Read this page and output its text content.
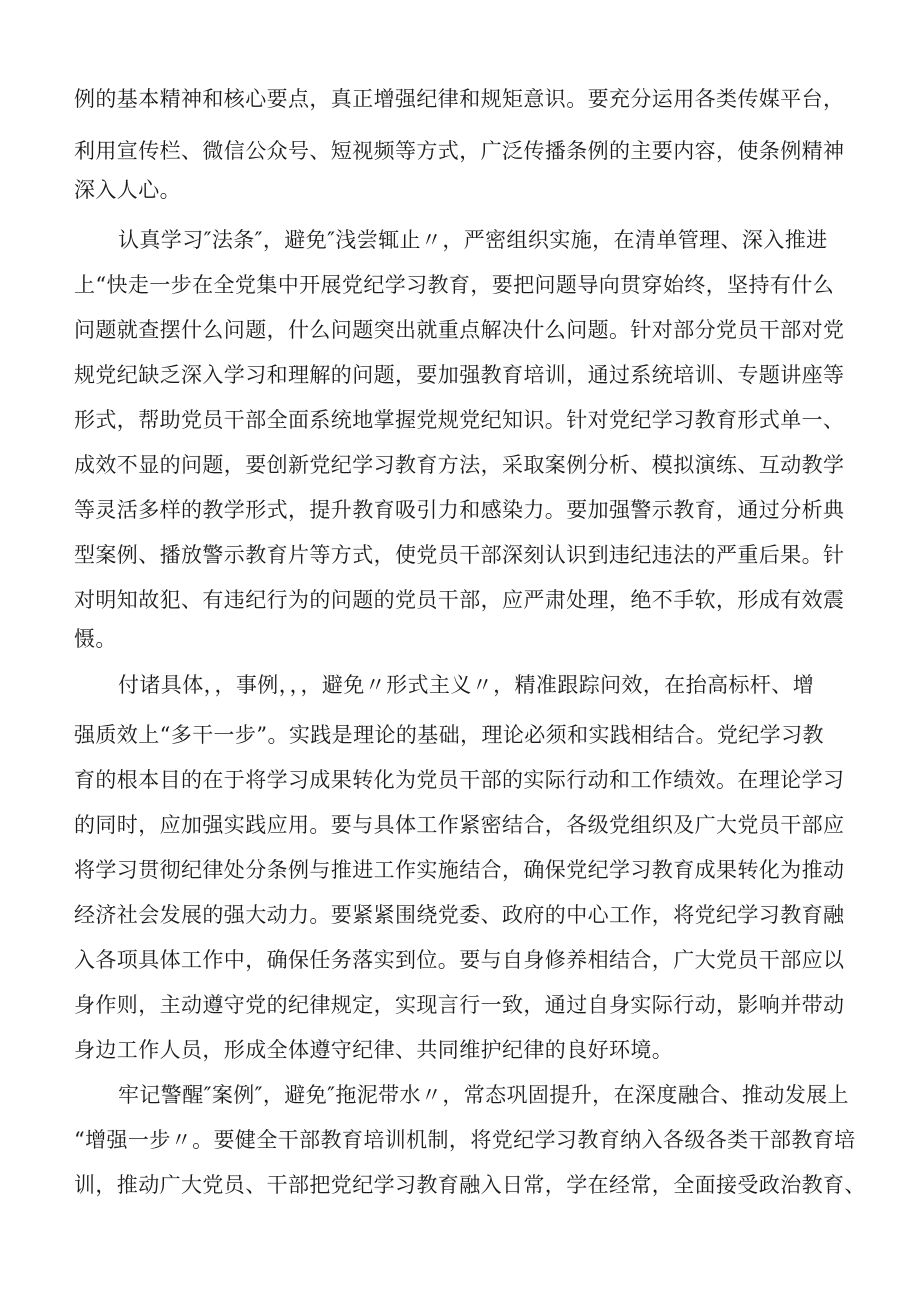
例的基本精神和核心要点，真正增强纪律和规矩意识。要充分运用各类传媒平台，
利用宣传栏、微信公众号、短视频等方式，广泛传播条例的主要内容，使条例精神
深入人心。
认真学习″法条″，避免″浅尝辄止〃，严密组织实施，在清单管理、深入推进
上“快走一步在全党集中开展党纪学习教育，要把问题导向贯穿始终，坚持有什么
问题就查摆什么问题，什么问题突出就重点解决什么问题。针对部分党员干部对党
规党纪缺乏深入学习和理解的问题，要加强教育培训，通过系统培训、专题讲座等
形式，帮助党员干部全面系统地掌握党规党纪知识。针对党纪学习教育形式单一、
成效不显的问题，要创新党纪学习教育方法，采取案例分析、模拟演练、互动教学
等灵活多样的教学形式，提升教育吸引力和感染力。要加强警示教育，通过分析典
型案例、播放警示教育片等方式，使党员干部深刻认识到违纪违法的严重后果。针
对明知故犯、有违纪行为的问题的党员干部，应严肃处理，绝不手软，形成有效震
慑。
付诸具体，，事例，，，避免〃形式主义〃，精准跟踪问效，在抬高标杆、增
强质效上“多干一步”。实践是理论的基础，理论必须和实践相结合。党纪学习教
育的根本目的在于将学习成果转化为党员干部的实际行动和工作绩效。在理论学习
的同时，应加强实践应用。要与具体工作紧密结合，各级党组织及广大党员干部应
将学习贯彻纪律处分条例与推进工作实施结合，确保党纪学习教育成果转化为推动
经济社会发展的强大动力。要紧紧围绕党委、政府的中心工作，将党纪学习教育融
入各项具体工作中，确保任务落实到位。要与自身修养相结合，广大党员干部应以
身作则，主动遵守党的纪律规定，实现言行一致，通过自身实际行动，影响并带动
身边工作人员，形成全体遵守纪律、共同维护纪律的良好环境。
牢记警醒″案例″，避免″拖泥带水〃，常态巩固提升，在深度融合、推动发展上
“增强一步〃。要健全干部教育培训机制，将党纪学习教育纳入各级各类干部教育培
训，推动广大党员、干部把党纪学习教育融入日常，学在经常，全面接受政治教育、
